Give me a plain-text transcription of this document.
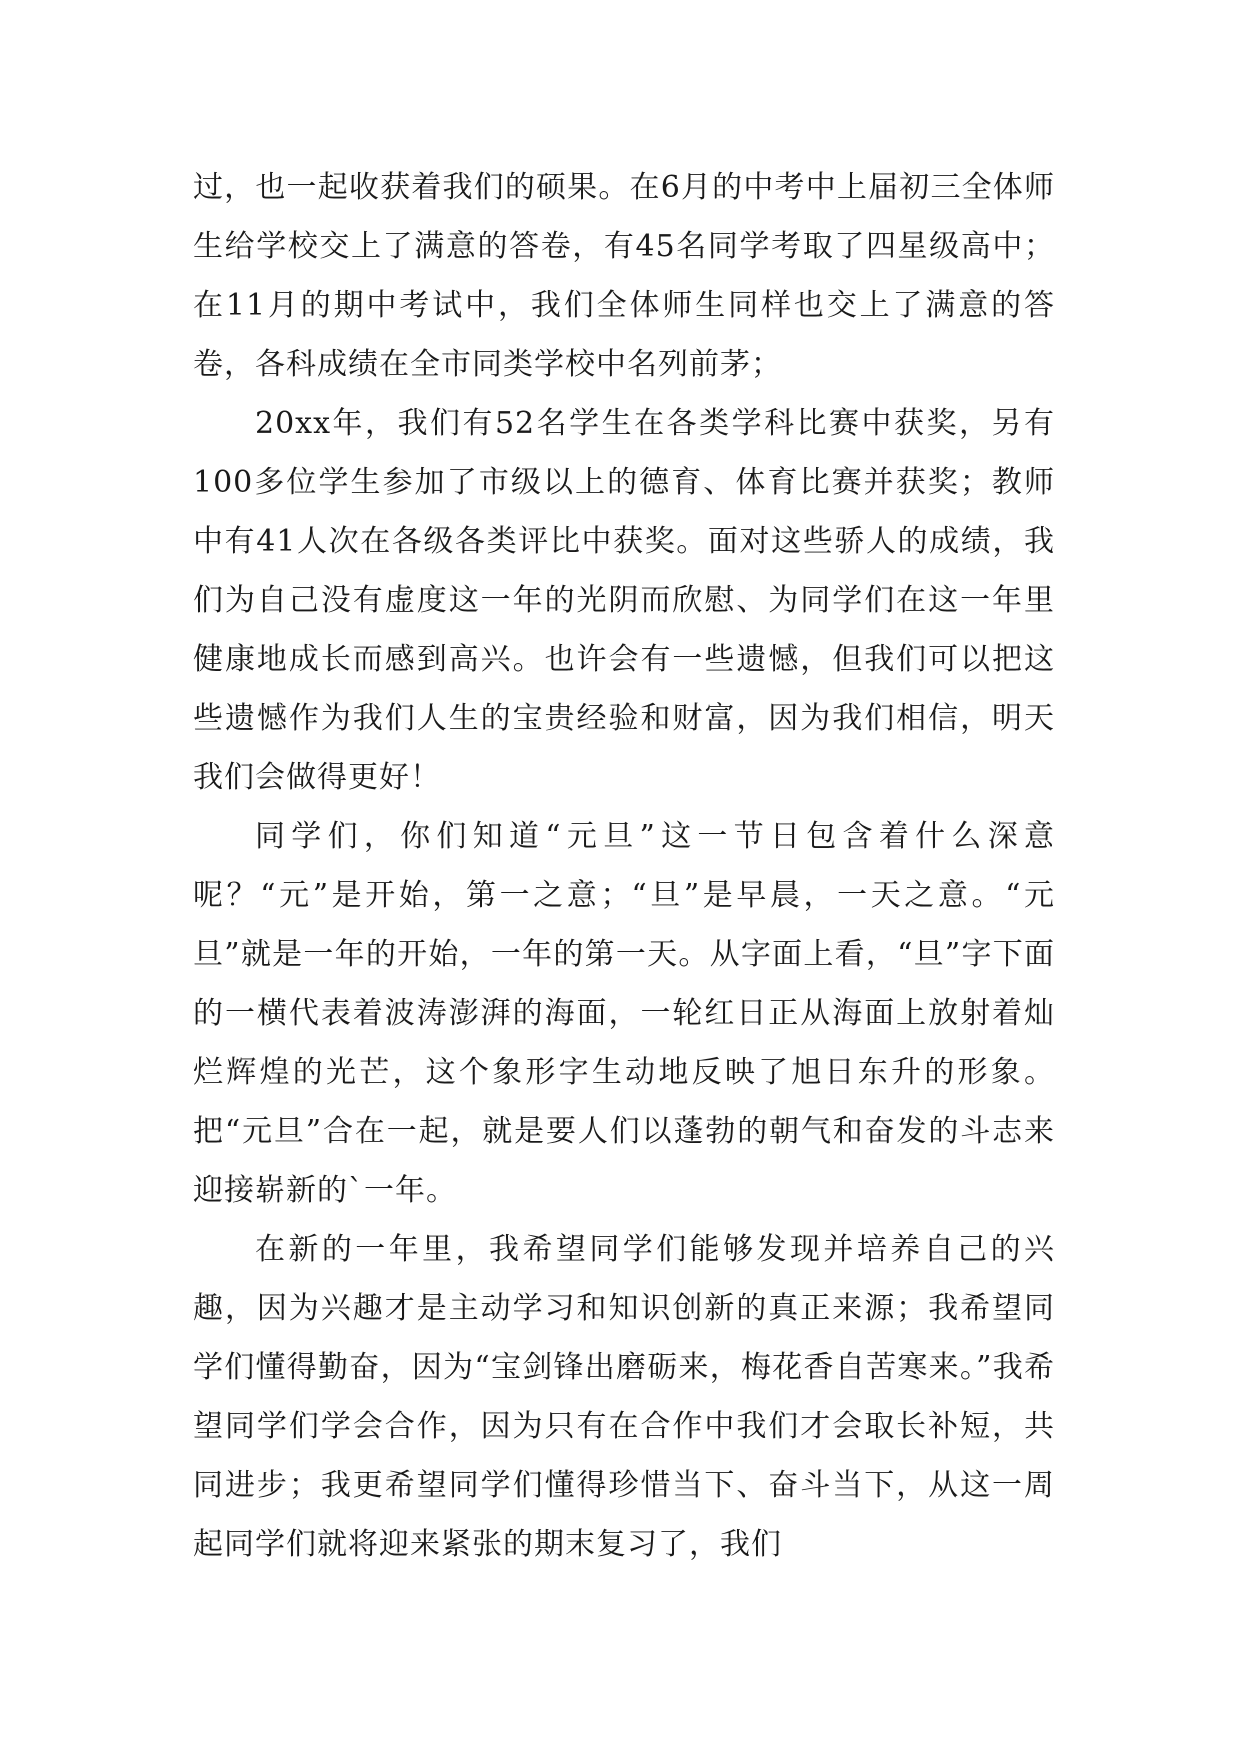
过，也一起收获着我们的硕果。在6月的中考中上届初三全体师生给学校交上了满意的答卷，有45名同学考取了四星级高中；在11月的期中考试中，我们全体师生同样也交上了满意的答卷，各科成绩在全市同类学校中名列前茅；

20xx年，我们有52名学生在各类学科比赛中获奖，另有100多位学生参加了市级以上的德育、体育比赛并获奖；教师中有41人次在各级各类评比中获奖。面对这些骄人的成绩，我们为自己没有虚度这一年的光阴而欣慰、为同学们在这一年里健康地成长而感到高兴。也许会有一些遗憾，但我们可以把这些遗憾作为我们人生的宝贵经验和财富，因为我们相信，明天我们会做得更好！

同学们，你们知道“元旦”这一节日包含着什么深意呢？“元”是开始，第一之意；“旦”是早晨，一天之意。“元旦”就是一年的开始，一年的第一天。从字面上看，“旦”字下面的一横代表着波涛澎湃的海面，一轮红日正从海面上放射着灿烂辉煌的光芒，这个象形字生动地反映了旭日东升的形象。把“元旦”合在一起，就是要人们以蓬勃的朝气和奋发的斗志来迎接崭新的`一年。

在新的一年里，我希望同学们能够发现并培养自己的兴趣，因为兴趣才是主动学习和知识创新的真正来源；我希望同学们懂得勤奋，因为“宝剑锋出磨砺来，梅花香自苦寒来。”我希望同学们学会合作，因为只有在合作中我们才会取长补短，共同进步；我更希望同学们懂得珍惜当下、奋斗当下，从这一周起同学们就将迎来紧张的期末复习了，我们
